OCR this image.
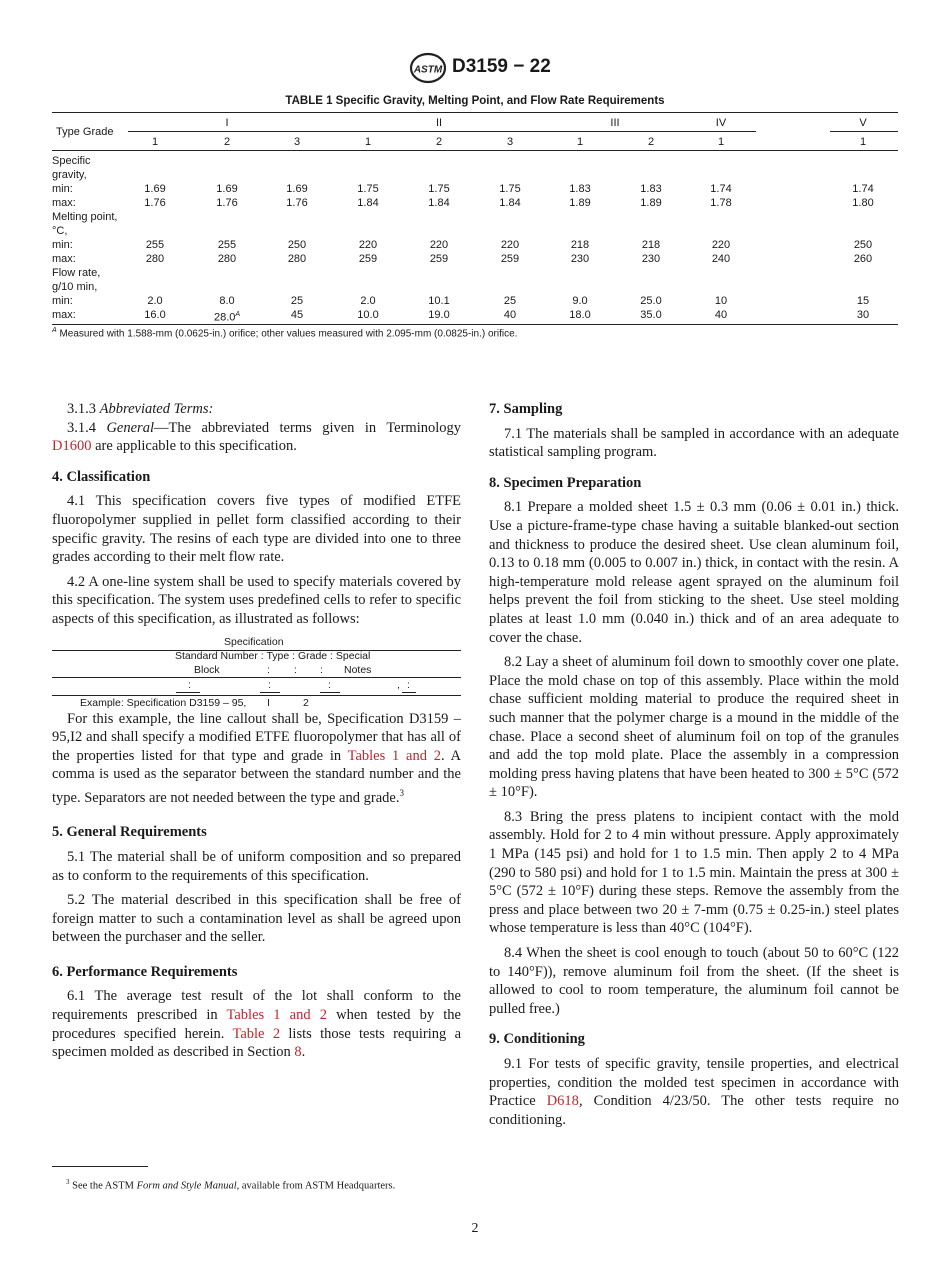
ASTM D3159 − 22
TABLE 1 Specific Gravity, Melting Point, and Flow Rate Requirements
Type Grade
I	II	III	IV	V
1	2	3	1	2	3	1	2	1	1
Specific
gravity,
min:	1.69	1.69	1.69	1.75	1.75	1.75	1.83	1.83	1.74	1.74
max:	1.76	1.76	1.76	1.84	1.84	1.84	1.89	1.89	1.78	1.80
Melting point,
°C,
min:	255	255	250	220	220	220	218	218	220	250
max:	280	280	280	259	259	259	230	230	240	260
Flow rate,
g/10 min,
min:	2.0	8.0	25	2.0	10.1	25	9.0	25.0	10	15
max:	16.0	$28.0^A$	45	10.0	19.0	40	18.0	35.0	40	30
$^A$ Measured with 1.588-mm (0.0625-in.) orifice; other values measured with 2.095-mm (0.0825-in.) orifice.

3.1.3 Abbreviated Terms:

3.1.4 General—The abbreviated terms given in Terminology D1600 are applicable to this specification.

4. Classification

4.1 This specification covers five types of modified ETFE fluoropolymer supplied in pellet form classified according to their specific gravity. The resins of each type are divided into one to three grades according to their melt flow rate.

4.2 A one-line system shall be used to specify materials covered by this specification. The system uses predefined cells to refer to specific aspects of this specification, as illustrated as follows:

Specification
Standard Number : Type : Grade : Special
Block	: : : Notes
:	:	:	, :
Example: Specification D3159 – 95, I	2

For this example, the line callout shall be, Specification D3159 – 95,I2 and shall specify a modified ETFE fluoropolymer that has all of the properties listed for that type and grade in Tables 1 and 2. A comma is used as the separator between the standard number and the type. Separators are not needed between the type and grade.$^3$

5. General Requirements

5.1 The material shall be of uniform composition and so prepared as to conform to the requirements of this specification.

5.2 The material described in this specification shall be free of foreign matter to such a contamination level as shall be agreed upon between the purchaser and the seller.

6. Performance Requirements

6.1 The average test result of the lot shall conform to the requirements prescribed in Tables 1 and 2 when tested by the procedures specified herein. Table 2 lists those tests requiring a specimen molded as described in Section 8.

7. Sampling

7.1 The materials shall be sampled in accordance with an adequate statistical sampling program.

8. Specimen Preparation

8.1 Prepare a molded sheet 1.5 ± 0.3 mm (0.06 ± 0.01 in.) thick. Use a picture-frame-type chase having a suitable blanked-out section and thickness to produce the desired sheet. Use clean aluminum foil, 0.13 to 0.18 mm (0.005 to 0.007 in.) thick, in contact with the resin. A high-temperature mold release agent sprayed on the aluminum foil helps prevent the foil from sticking to the sheet. Use steel molding plates at least 1.0 mm (0.040 in.) thick and of an area adequate to cover the chase.

8.2 Lay a sheet of aluminum foil down to smoothly cover one plate. Place the mold chase on top of this assembly. Place within the mold chase sufficient molding material to produce the required sheet in such manner that the polymer charge is a mound in the middle of the chase. Place a second sheet of aluminum foil on top of the granules and add the top mold plate. Place the assembly in a compression molding press having platens that have been heated to 300 ± 5°C (572 ± 10°F).

8.3 Bring the press platens to incipient contact with the mold assembly. Hold for 2 to 4 min without pressure. Apply approximately 1 MPa (145 psi) and hold for 1 to 1.5 min. Then apply 2 to 4 MPa (290 to 580 psi) and hold for 1 to 1.5 min. Maintain the press at 300 ± 5°C (572 ± 10°F) during these steps. Remove the assembly from the press and place between two 20 ± 7-mm (0.75 ± 0.25-in.) steel plates whose temperature is less than 40°C (104°F).

8.4 When the sheet is cool enough to touch (about 50 to 60°C (122 to 140°F)), remove aluminum foil from the sheet. (If the sheet is allowed to cool to room temperature, the aluminum foil cannot be pulled free.)

9. Conditioning

9.1 For tests of specific gravity, tensile properties, and electrical properties, condition the molded test specimen in accordance with Practice D618, Condition 4/23/50. The other tests require no conditioning.

$^3$ See the ASTM Form and Style Manual, available from ASTM Headquarters.
2
